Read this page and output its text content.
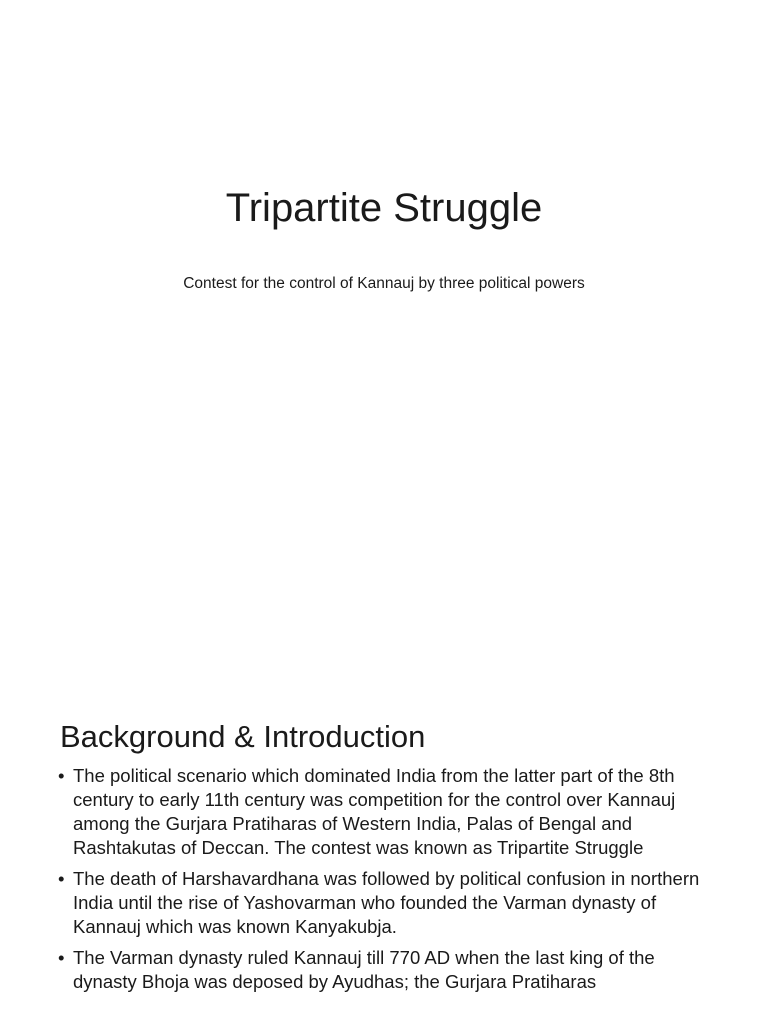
Tripartite Struggle

Contest for the control of Kannauj by three political powers

Background & Introduction
• The political scenario which dominated India from the latter part of the 8th century to early 11th century was competition for the control over Kannauj among the Gurjara Pratiharas of Western India, Palas of Bengal and Rashtakutas of Deccan. The contest was known as Tripartite Struggle
• The death of Harshavardhana was followed by political confusion in northern India until the rise of Yashovarman who founded the Varman dynasty of Kannauj which was known Kanyakubja.
• The Varman dynasty ruled Kannauj till 770 AD when the last king of the dynasty Bhoja was deposed by Ayudhas; the Gurjara Pratiharas
